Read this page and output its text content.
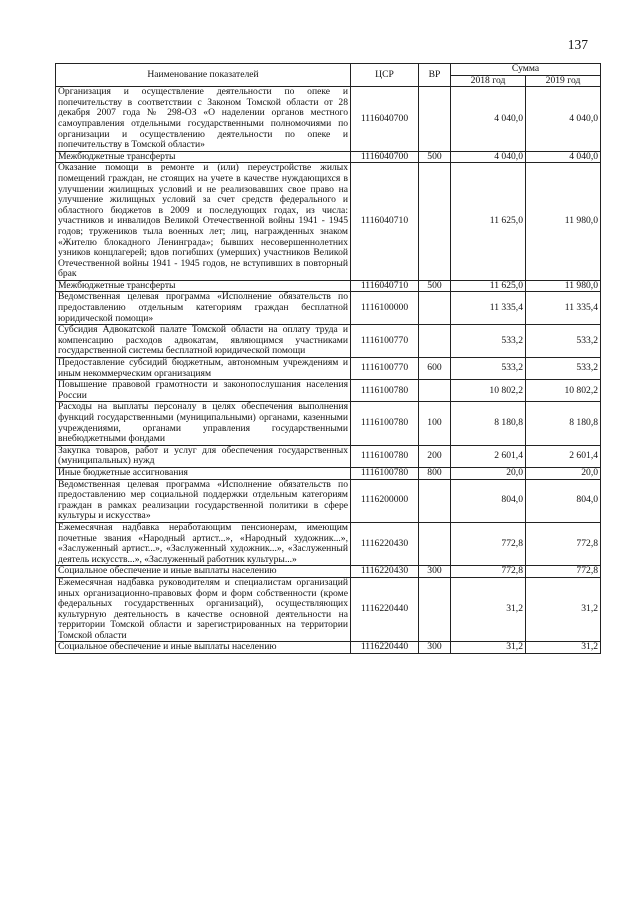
137
Наименование показателей	ЦСР	ВР	Сумма	
			2018 год	2019 год
Организация и осуществление деятельности по опеке и попечительству в соответствии с Законом Томской области от 28 декабря 2007 года № 298-ОЗ «О наделении органов местного самоуправления отдельными государственными полномочиями по организации и осуществлению деятельности по опеке и попечительству в Томской области»	1116040700		4 040,0	4 040,0
Межбюджетные трансферты	1116040700	500	4 040,0	4 040,0
Оказание помощи в ремонте и (или) переустройстве жилых помещений граждан, не стоящих на учете в качестве нуждающихся в улучшении жилищных условий и не реализовавших свое право на улучшение жилищных условий за счет средств федерального и областного бюджетов в 2009 и последующих годах, из числа: участников и инвалидов Великой Отечественной войны 1941 - 1945 годов; тружеников тыла военных лет; лиц, награжденных знаком «Жителю блокадного Ленинграда»; бывших несовершеннолетних узников концлагерей; вдов погибших (умерших) участников Великой Отечественной войны 1941 - 1945 годов, не вступивших в повторный брак	1116040710		11 625,0	11 980,0
Межбюджетные трансферты	1116040710	500	11 625,0	11 980,0
Ведомственная целевая программа «Исполнение обязательств по предоставлению отдельным категориям граждан бесплатной юридической помощи»	1116100000		11 335,4	11 335,4
Субсидия Адвокатской палате Томской области на оплату труда и компенсацию расходов адвокатам, являющимся участниками государственной системы бесплатной юридической помощи	1116100770		533,2	533,2
Предоставление субсидий бюджетным, автономным учреждениям и иным некоммерческим организациям	1116100770	600	533,2	533,2
Повышение правовой грамотности и законопослушания населения России	1116100780		10 802,2	10 802,2
Расходы на выплаты персоналу в целях обеспечения выполнения функций государственными (муниципальными) органами, казенными учреждениями, органами управления государственными внебюджетными фондами	1116100780	100	8 180,8	8 180,8
Закупка товаров, работ и услуг для обеспечения государственных (муниципальных) нужд	1116100780	200	2 601,4	2 601,4
Иные бюджетные ассигнования	1116100780	800	20,0	20,0
Ведомственная целевая программа «Исполнение обязательств по предоставлению мер социальной поддержки отдельным категориям граждан в рамках реализации государственной политики в сфере культуры и искусства»	1116200000		804,0	804,0
Ежемесячная надбавка неработающим пенсионерам, имеющим почетные звания «Народный артист...», «Народный художник...», «Заслуженный артист...», «Заслуженный художник...», «Заслуженный деятель искусств...», «Заслуженный работник культуры...»	1116220430		772,8	772,8
Социальное обеспечение и иные выплаты населению	1116220430	300	772,8	772,8
Ежемесячная надбавка руководителям и специалистам организаций иных организационно-правовых форм и форм собственности (кроме федеральных государственных организаций), осуществляющих культурную деятельность в качестве основной деятельности на территории Томской области и зарегистрированных на территории Томской области	1116220440		31,2	31,2
Социальное обеспечение и иные выплаты населению	1116220440	300	31,2	31,2
